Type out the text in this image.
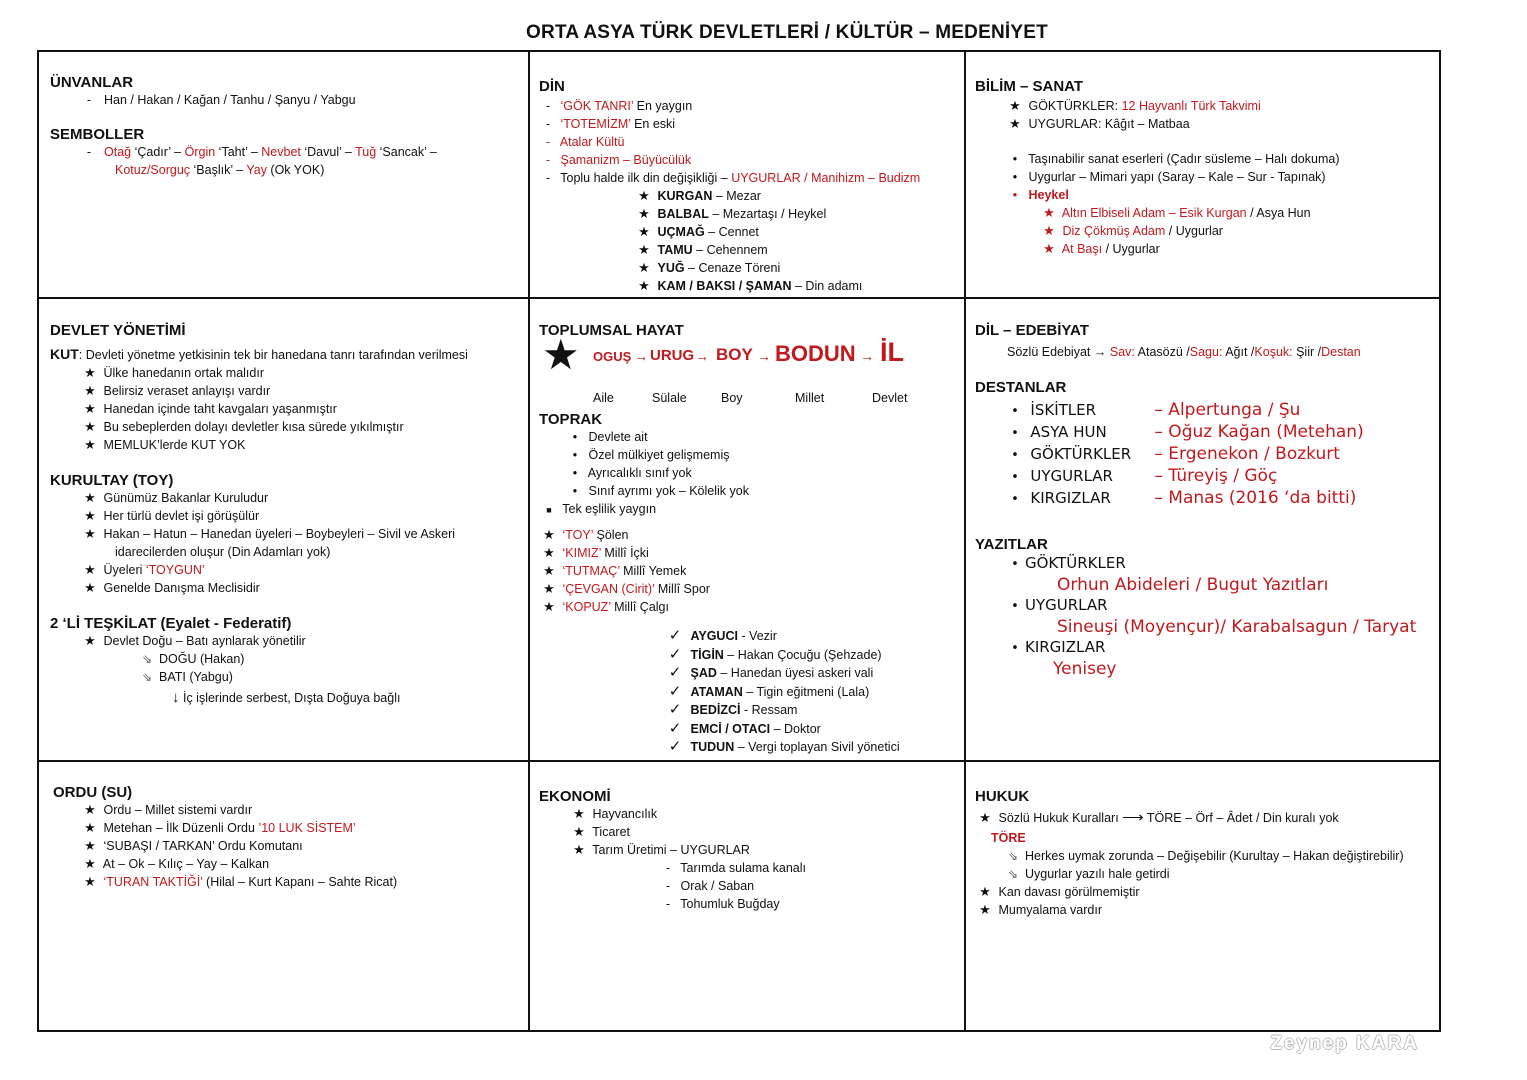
ORTA ASYA TÜRK DEVLETLERİ / KÜLTÜR – MEDENİYET
ÜNVANLAR
- Han / Hakan / Kağan / Tanhu / Şanyu / Yabgu
SEMBOLLER
- Otağ ‘Çadır’ – Örgin ‘Taht’ – Nevbet ‘Davul’ – Tuğ ‘Sancak’ –
Kotuz/Sorguç ‘Başlık’ – Yay (Ok YOK)
DİN
- ‘GÖK TANRI’ En yaygın
- ‘TOTEMİZM’ En eski
- Atalar Kültü
- Şamanizm – Büyücülük
- Toplu halde ilk din değişikliği – UYGURLAR / Manihizm – Budizm
★ KURGAN – Mezar
★ BALBAL – Mezartaşı / Heykel
★ UÇMAĞ – Cennet
★ TAMU – Cehennem
★ YUĞ – Cenaze Töreni
★ KAM / BAKSI / ŞAMAN – Din adamı
BİLİM – SANAT
★ GÖKTÜRKLER: 12 Hayvanlı Türk Takvimi
★ UYGURLAR: Kâğıt – Matbaa
• Taşınabilir sanat eserleri (Çadır süsleme – Halı dokuma)
• Uygurlar – Mimari yapı (Saray – Kale – Sur - Tapınak)
• Heykel
★ Altın Elbiseli Adam – Esik Kurgan / Asya Hun
★ Diz Çökmüş Adam / Uygurlar
★ At Başı / Uygurlar
DEVLET YÖNETİMİ
KUT: Devleti yönetme yetkisinin tek bir hanedana tanrı tarafından verilmesi
★ Ülke hanedanın ortak malıdır
★ Belirsiz veraset anlayışı vardır
★ Hanedan içinde taht kavgaları yaşanmıştır
★ Bu sebeplerden dolayı devletler kısa sürede yıkılmıştır
★ MEMLUK’lerde KUT YOK
KURULTAY (TOY)
★ Günümüz Bakanlar Kuruludur
★ Her türlü devlet işi görüşülür
★ Hakan – Hatun – Hanedan üyeleri – Boybeyleri – Sivil ve Askeri
idarecilerden oluşur (Din Adamları yok)
★ Üyeleri ‘TOYGUN’
★ Genelde Danışma Meclisidir
2 ‘Lİ TEŞKİLAT (Eyalet - Federatif)
★ Devlet Doğu – Batı aynlarak yönetilir
⇘ DOĞU (Hakan)
⇘ BATI (Yabgu)
↓ İç işlerinde serbest, Dışta Doğuya bağlı
TOPLUMSAL HAYAT
★ OGUŞ → URUG → BOY → BODUN → İL
Aile	Sülale	Boy	Millet	Devlet
TOPRAK
• Devlete ait
• Özel mülkiyet gelişmemiş
• Ayrıcalıklı sınıf yok
• Sınıf ayrımı yok – Kölelik yok
■ Tek eşlilik yaygın
★ ‘TOY’ Şölen
★ ‘KIMIZ’ Millî İçki
★ ‘TUTMAÇ’ Millî Yemek
★ ‘ÇEVGAN (Cirit)’ Millî Spor
★ ‘KOPUZ’ Millî Çalgı
✓ AYGUCI - Vezir
✓ TİGİN – Hakan Çocuğu (Şehzade)
✓ ŞAD – Hanedan üyesi askeri vali
✓ ATAMAN – Tigin eğitmeni (Lala)
✓ BEDİZCİ - Ressam
✓ EMCİ / OTACI – Doktor
✓ TUDUN – Vergi toplayan Sivil yönetici
DİL – EDEBİYAT
Sözlü Edebiyat → Sav: Atasözü /Sagu: Ağıt /Koşuk: Şiir /Destan
DESTANLAR
• İSKİTLER	– Alpertunga / Şu
• ASYA HUN	– Oğuz Kağan (Metehan)
• GÖKTÜRKLER – Ergenekon / Bozkurt
• UYGURLAR – Türeyiş / Göç
• KIRGIZLAR	– Manas (2016 ‘da bitti)
YAZITLAR
• GÖKTÜRKLER
Orhun Abideleri / Bugut Yazıtları
• UYGURLAR
Sineuşi (Moyençur)/ Karabalsagun / Taryat
• KIRGIZLAR
Yenisey
ORDU (SU)
★ Ordu – Millet sistemi vardır
★ Metehan – İlk Düzenli Ordu ’10 LUK SİSTEM’
★ ‘SUBAŞI / TARKAN’ Ordu Komutanı
★ At – Ok – Kılıç – Yay – Kalkan
★ ‘TURAN TAKTİĞİ’ (Hilal – Kurt Kapanı – Sahte Ricat)
EKONOMİ
★ Hayvancılık
★ Ticaret
★ Tarım Üretimi – UYGURLAR
- Tarımda sulama kanalı
- Orak / Saban
- Tohumluk Buğday
HUKUK
★ Sözlü Hukuk Kuralları ⟶ TÖRE – Örf – Âdet / Din kuralı yok
TÖRE
⇘ Herkes uymak zorunda – Değişebilir (Kurultay – Hakan değiştirebilir)
⇘ Uygurlar yazılı hale getirdi
★ Kan davası görülmemiştir
★ Mumyalama vardır
Zeynep KARA
